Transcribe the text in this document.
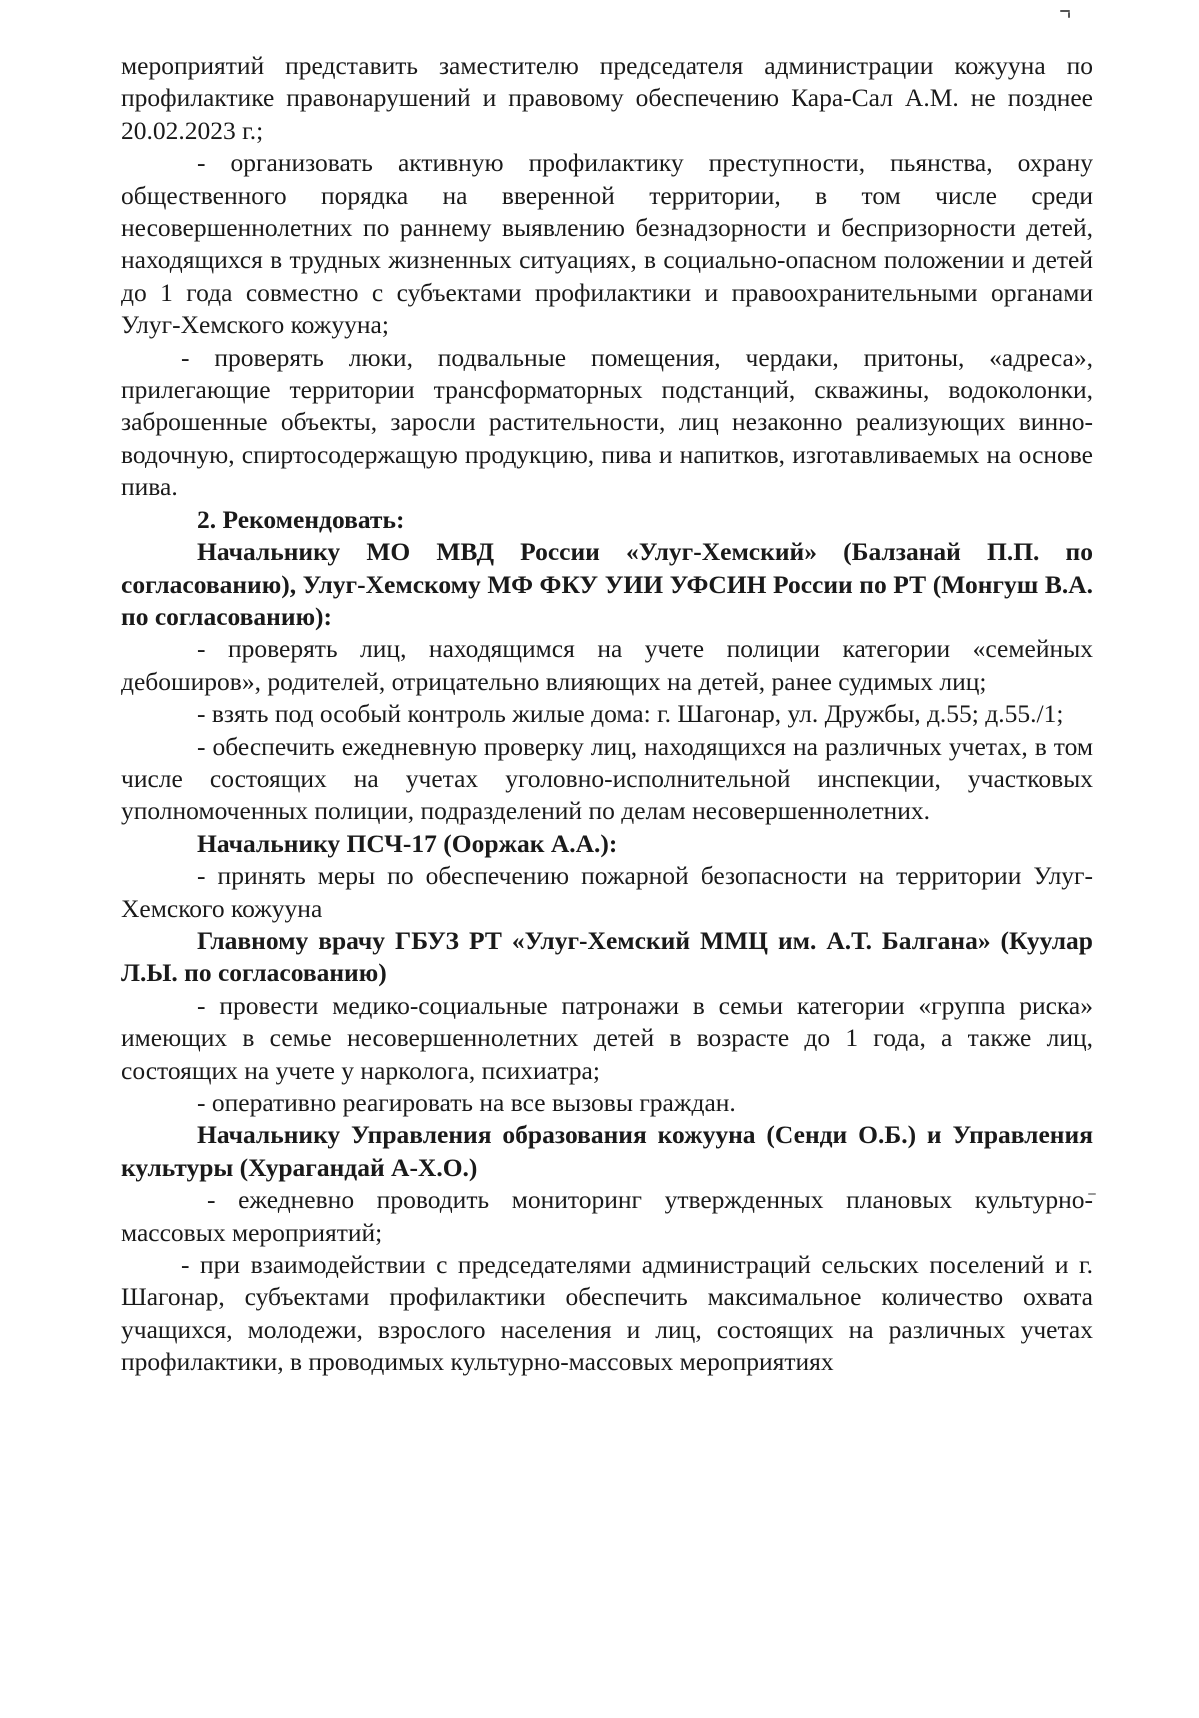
мероприятий представить заместителю председателя администрации кожууна по профилактике правонарушений и правовому обеспечению Кара-Сал А.М. не позднее 20.02.2023 г.;

- организовать активную профилактику преступности, пьянства, охрану общественного порядка на вверенной территории, в том числе среди несовершеннолетних по раннему выявлению безнадзорности и беспризорности детей, находящихся в трудных жизненных ситуациях, в социально-опасном положении и детей до 1 года совместно с субъектами профилактики и правоохранительными органами Улуг-Хемского кожууна;

- проверять люки, подвальные помещения, чердаки, притоны, «адреса», прилегающие территории трансформаторных подстанций, скважины, водоколонки, заброшенные объекты, заросли растительности, лиц незаконно реализующих винно-водочную, спиртосодержащую продукцию, пива и напитков, изготавливаемых на основе пива.

2. Рекомендовать:

Начальнику МО МВД России «Улуг-Хемский» (Балзанай П.П. по согласованию), Улуг-Хемскому МФ ФКУ УИИ УФСИН России по РТ (Монгуш В.А. по согласованию):

- проверять лиц, находящимся на учете полиции категории «семейных дебоширов», родителей, отрицательно влияющих на детей, ранее судимых лиц;

- взять под особый контроль жилые дома: г. Шагонар, ул. Дружбы, д.55; д.55./1;

- обеспечить ежедневную проверку лиц, находящихся на различных учетах, в том числе состоящих на учетах уголовно-исполнительной инспекции, участковых уполномоченных полиции, подразделений по делам несовершеннолетних.

Начальнику ПСЧ-17 (Ооржак А.А.):

- принять меры по обеспечению пожарной безопасности на территории Улуг-Хемского кожууна

Главному врачу ГБУЗ РТ «Улуг-Хемский ММЦ им. А.Т. Балгана» (Куулар Л.Ы. по согласованию)

- провести медико-социальные патронажи в семьи категории «группа риска» имеющих в семье несовершеннолетних детей в возрасте до 1 года, а также лиц, состоящих на учете у нарколога, психиатра;

- оперативно реагировать на все вызовы граждан.

Начальнику Управления образования кожууна (Сенди О.Б.) и Управления культуры (Хурагандай А-Х.О.)

- ежедневно проводить мониторинг утвержденных плановых культурно-массовых мероприятий;

- при взаимодействии с председателями администраций сельских поселений и г. Шагонар, субъектами профилактики обеспечить максимальное количество охвата учащихся, молодежи, взрослого населения и лиц, состоящих на различных учетах профилактики, в проводимых культурно-массовых мероприятиях
